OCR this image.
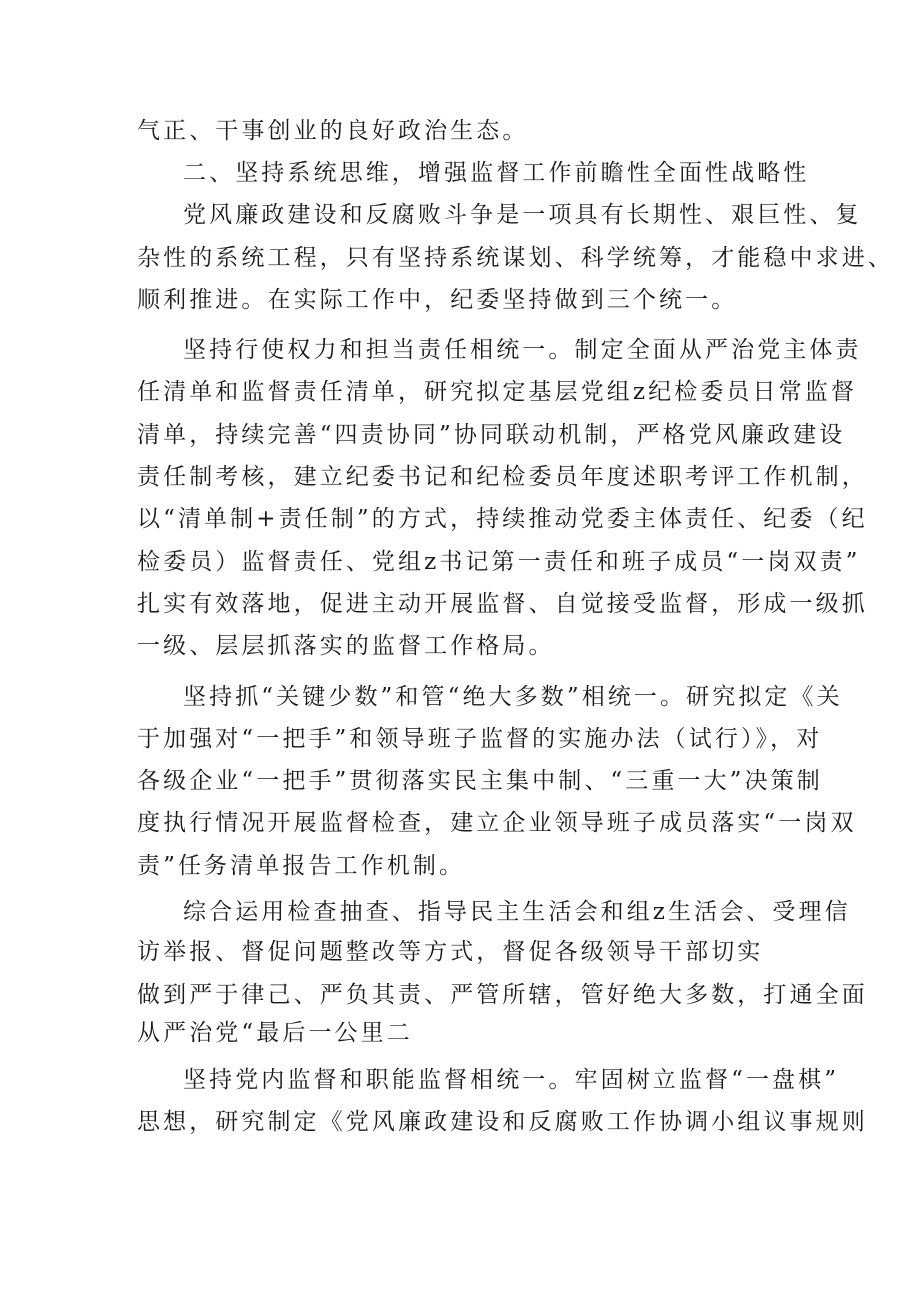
气正、干事创业的良好政治生态。
二、坚持系统思维，增强监督工作前瞻性全面性战略性
党风廉政建设和反腐败斗争是一项具有长期性、艰巨性、复
杂性的系统工程，只有坚持系统谋划、科学统筹，才能稳中求进、
顺利推进。在实际工作中，纪委坚持做到三个统一。
坚持行使权力和担当责任相统一。制定全面从严治党主体责
任清单和监督责任清单，研究拟定基层党组z纪检委员日常监督
清单，持续完善“四责协同”协同联动机制，严格党风廉政建设
责任制考核，建立纪委书记和纪检委员年度述职考评工作机制，
以“清单制+责任制”的方式，持续推动党委主体责任、纪委（纪
检委员）监督责任、党组z书记第一责任和班子成员“一岗双责”
扎实有效落地，促进主动开展监督、自觉接受监督，形成一级抓
一级、层层抓落实的监督工作格局。
坚持抓“关键少数”和管“绝大多数”相统一。研究拟定《关
于加强对“一把手”和领导班子监督的实施办法（试行）》，对
各级企业“一把手”贯彻落实民主集中制、“三重一大”决策制
度执行情况开展监督检查，建立企业领导班子成员落实“一岗双
责”任务清单报告工作机制。
综合运用检查抽查、指导民主生活会和组z生活会、受理信
访举报、督促问题整改等方式，督促各级领导干部切实
做到严于律己、严负其责、严管所辖，管好绝大多数，打通全面
从严治党“最后一公里二
坚持党内监督和职能监督相统一。牢固树立监督“一盘棋”
思想，研究制定《党风廉政建设和反腐败工作协调小组议事规则
